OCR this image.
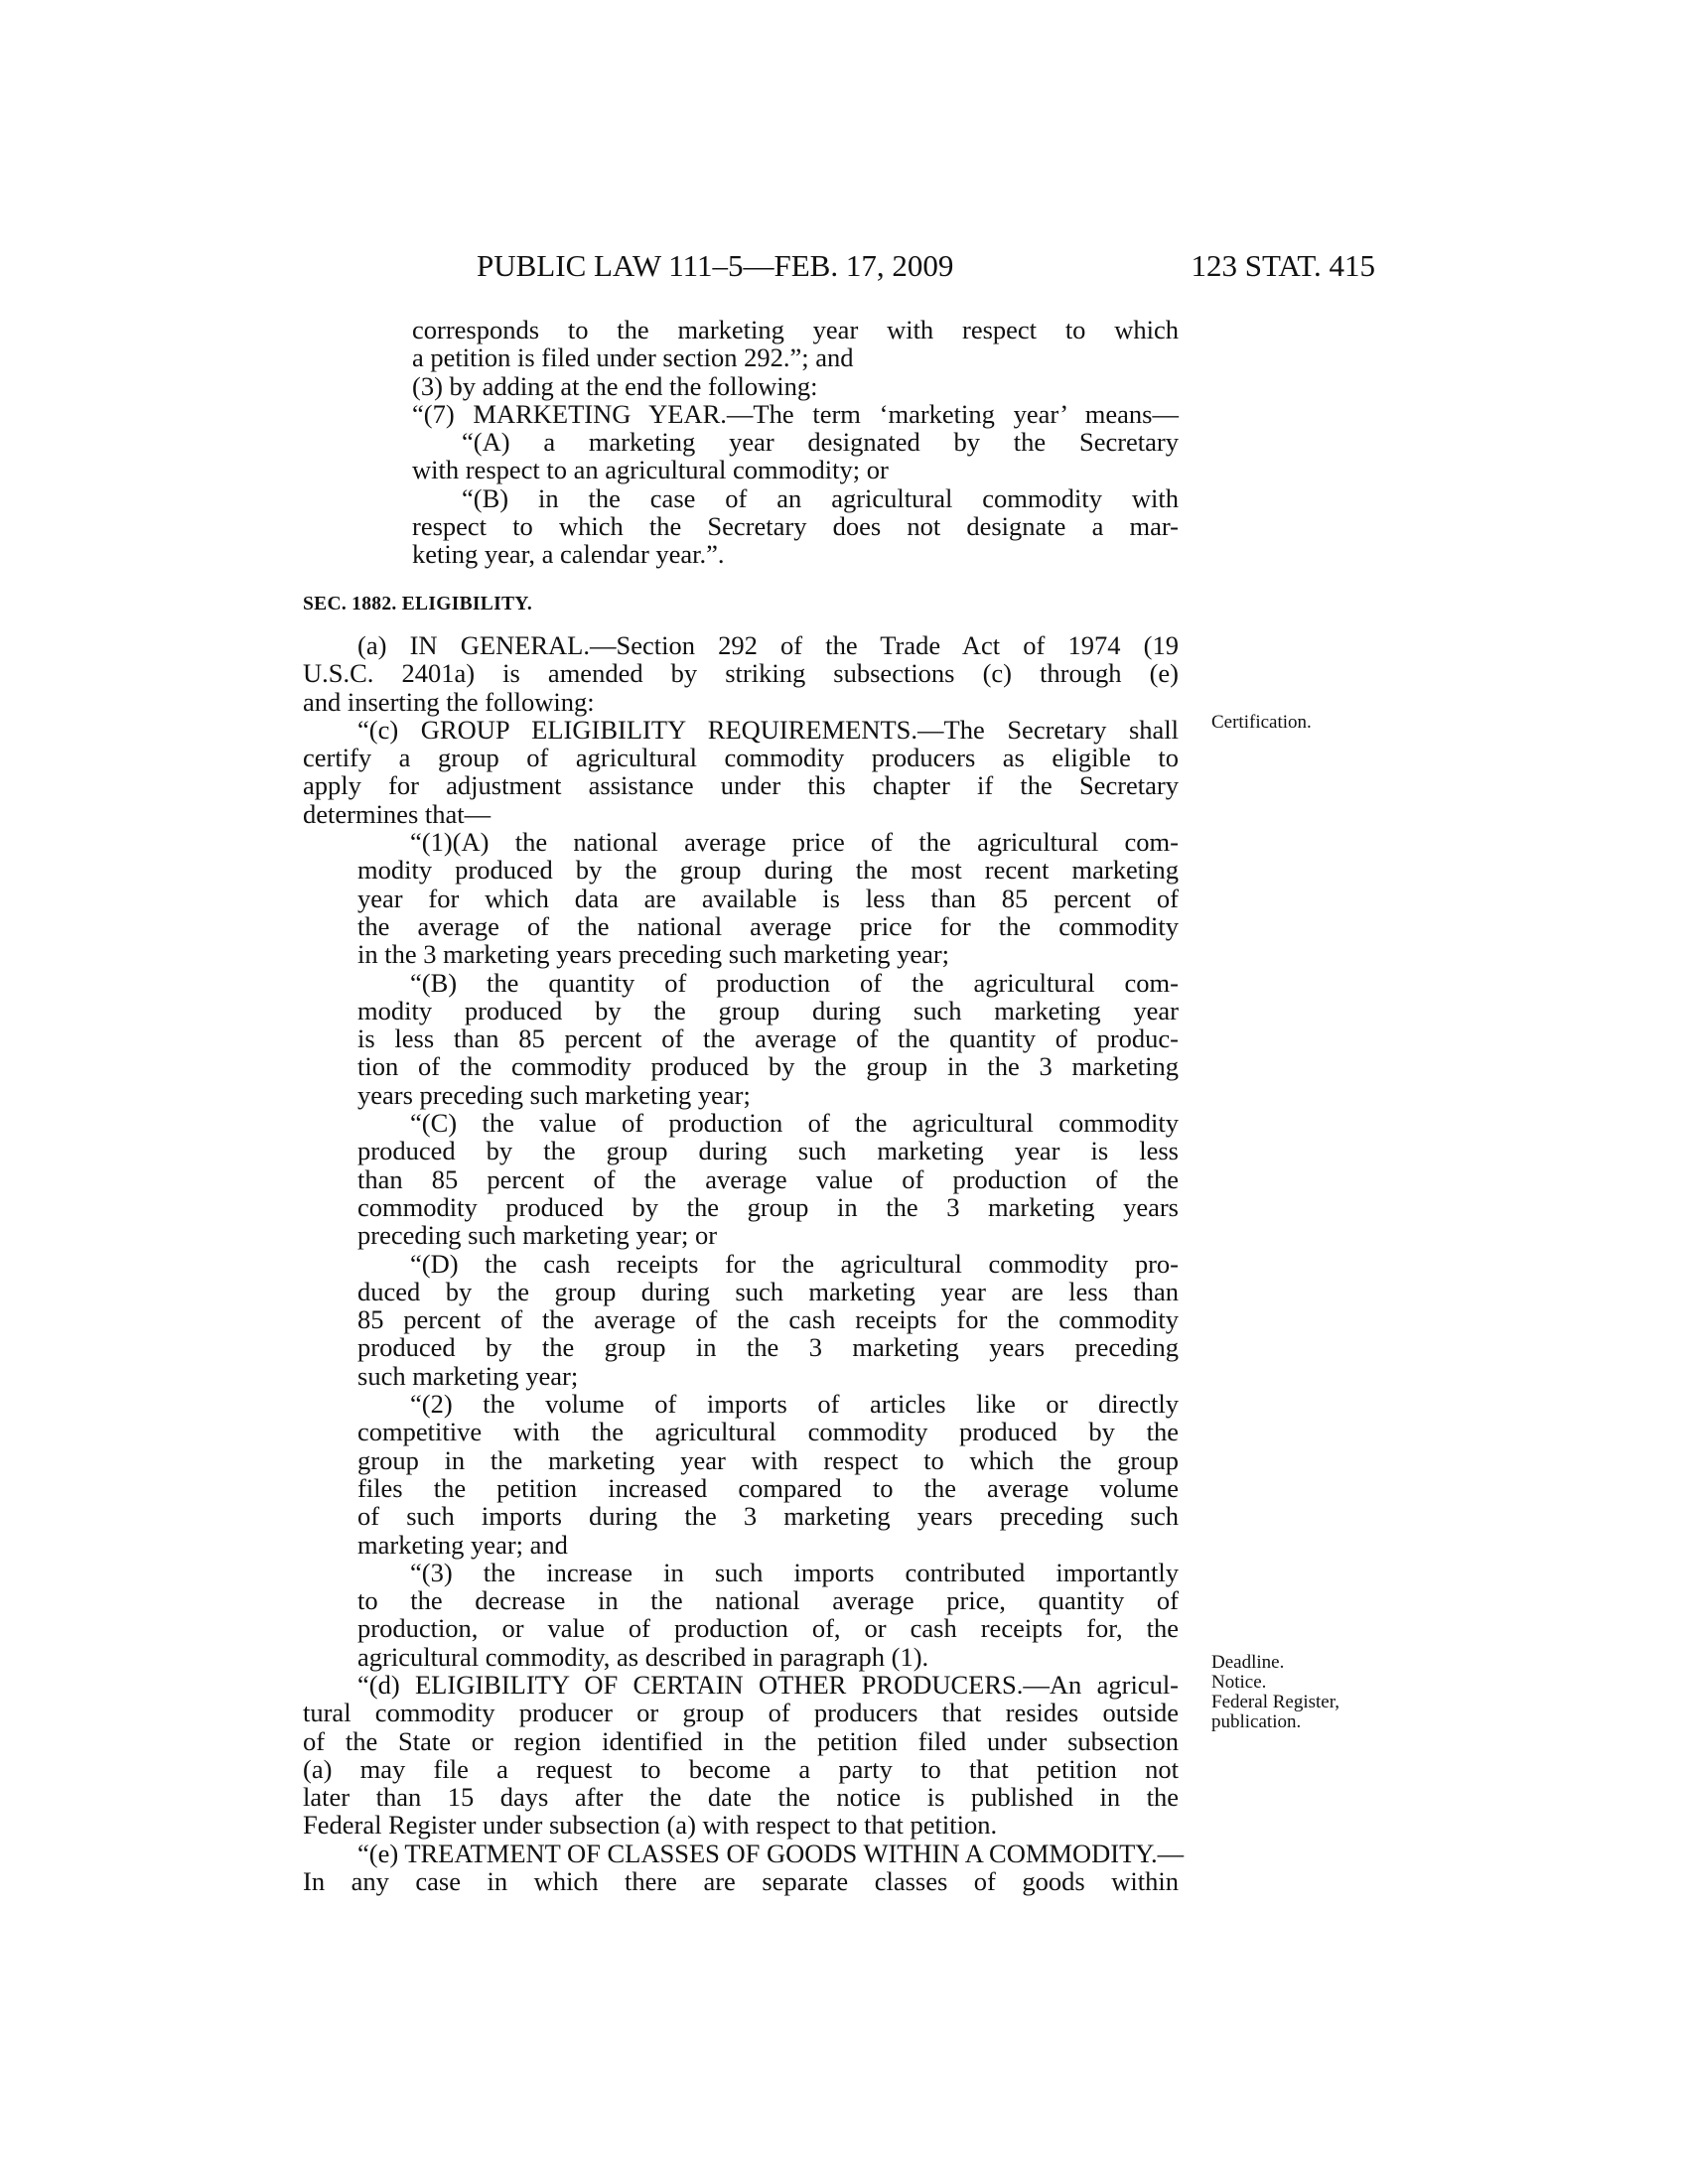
PUBLIC LAW 111–5—FEB. 17, 2009	123 STAT. 415
corresponds to the marketing year with respect to which
a petition is filed under section 292.”; and
(3) by adding at the end the following:
“(7) MARKETING YEAR.—The term ‘marketing year’ means—
“(A) a marketing year designated by the Secretary
with respect to an agricultural commodity; or
“(B) in the case of an agricultural commodity with
respect to which the Secretary does not designate a mar-
keting year, a calendar year.”.
SEC. 1882. ELIGIBILITY.
(a) IN GENERAL.—Section 292 of the Trade Act of 1974 (19
U.S.C. 2401a) is amended by striking subsections (c) through (e)
and inserting the following:
“(c) GROUP ELIGIBILITY REQUIREMENTS.—The Secretary shall
certify a group of agricultural commodity producers as eligible to
apply for adjustment assistance under this chapter if the Secretary
determines that—
“(1)(A) the national average price of the agricultural com-
modity produced by the group during the most recent marketing
year for which data are available is less than 85 percent of
the average of the national average price for the commodity
in the 3 marketing years preceding such marketing year;
“(B) the quantity of production of the agricultural com-
modity produced by the group during such marketing year
is less than 85 percent of the average of the quantity of produc-
tion of the commodity produced by the group in the 3 marketing
years preceding such marketing year;
“(C) the value of production of the agricultural commodity
produced by the group during such marketing year is less
than 85 percent of the average value of production of the
commodity produced by the group in the 3 marketing years
preceding such marketing year; or
“(D) the cash receipts for the agricultural commodity pro-
duced by the group during such marketing year are less than
85 percent of the average of the cash receipts for the commodity
produced by the group in the 3 marketing years preceding
such marketing year;
“(2) the volume of imports of articles like or directly
competitive with the agricultural commodity produced by the
group in the marketing year with respect to which the group
files the petition increased compared to the average volume
of such imports during the 3 marketing years preceding such
marketing year; and
“(3) the increase in such imports contributed importantly
to the decrease in the national average price, quantity of
production, or value of production of, or cash receipts for, the
agricultural commodity, as described in paragraph (1).
“(d) ELIGIBILITY OF CERTAIN OTHER PRODUCERS.—An agricul-
tural commodity producer or group of producers that resides outside
of the State or region identified in the petition filed under subsection
(a) may file a request to become a party to that petition not
later than 15 days after the date the notice is published in the
Federal Register under subsection (a) with respect to that petition.
“(e) TREATMENT OF CLASSES OF GOODS WITHIN A COMMODITY.—
In any case in which there are separate classes of goods within
Certification.
Deadline.
Notice.
Federal Register,
publication.
